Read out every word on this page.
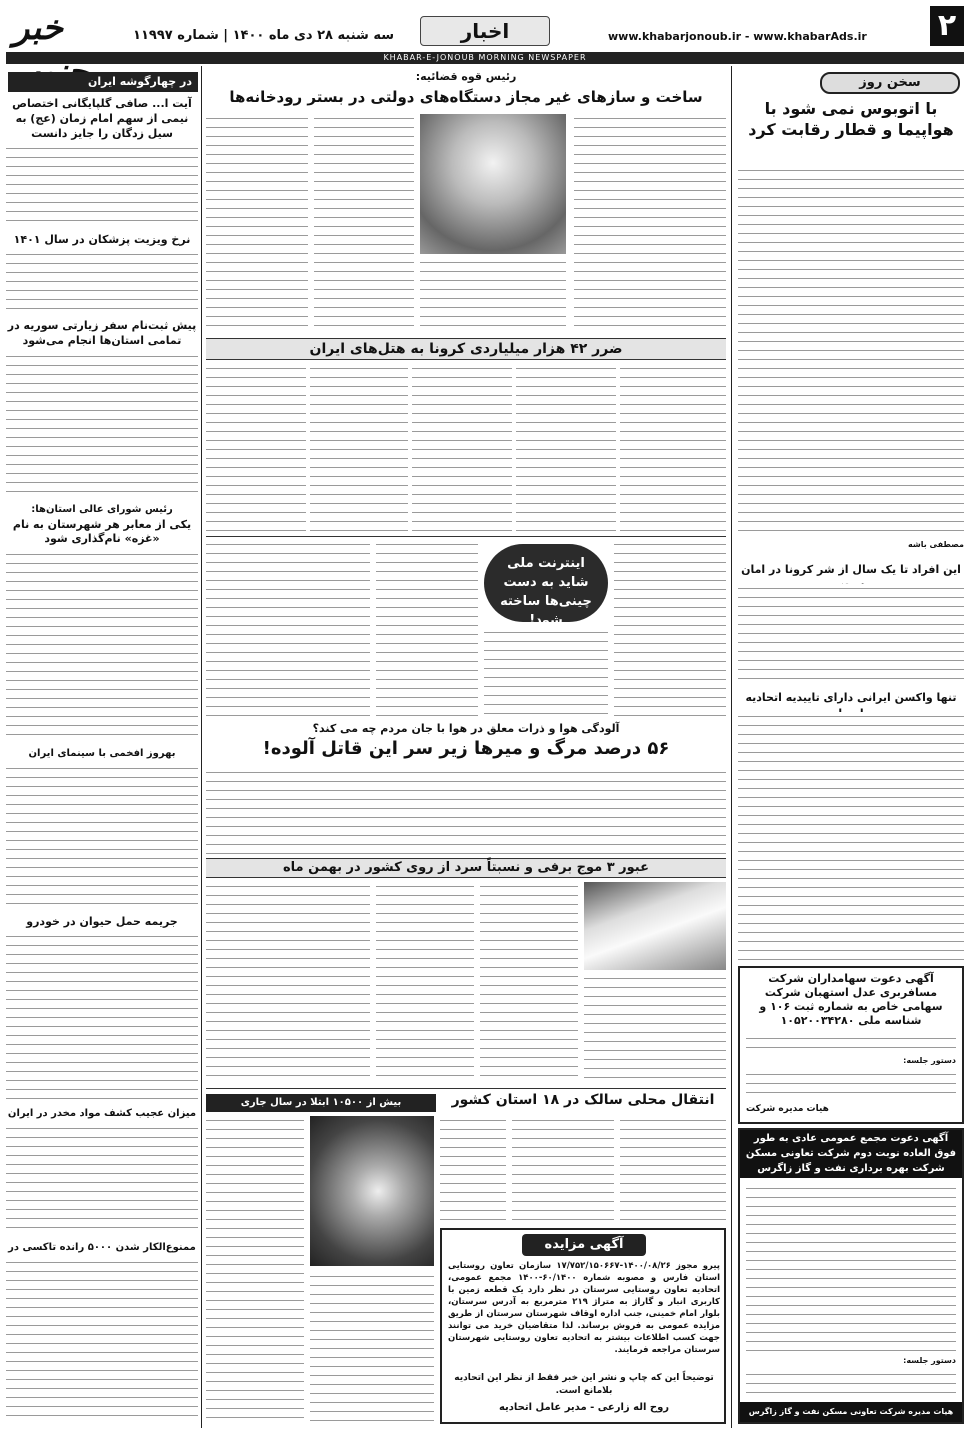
۲
www.khabarjonoub.ir - www.khabarAds.ir
اخبار
سه شنبه ۲۸ دی ماه ۱۴۰۰ | شماره ۱۱۹۹۷
خبر
KHABAR-E-JONOUB MORNING NEWSPAPER
سخن روز
با اتوبوس نمی شود با هواپیما و قطار رقابت کرد
مصطفی باشه
این افراد تا یک سال از شر کرونا در امان
تنها واکسن ایرانی دارای تاییدیه اتحادیه
آگهی دعوت سهامداران شرکت مسافربری عدل استهبان شرکت سهامی خاص به شماره ثبت ۱۰۶ و شناسه ملی ۱۰۵۲۰۰۳۴۲۸۰
دستور جلسه:
هیات مدیره شرکت
آگهی دعوت مجمع عمومی عادی به طور فوق العاده نوبت دوم شرکت تعاونی مسکن شرکت بهره برداری نفت و گاز زاگرس
دستور جلسه:
هیات مدیره شرکت تعاونی مسکن نفت و گاز زاگرس جنوبی
رئیس قوه قضائیه:
ساخت و سازهای غیر مجاز دستگاه‌های دولتی در بستر رودخانه‌ها
ضرر ۴۲ هزار میلیاردی کرونا به هتل‌های ایران
اینترنت ملی شاید به دست چینی‌ها ساخته شود!
آلودگی هوا و ذرات معلق در هوا با جان مردم چه می کند؟
۵۶ درصد مرگ و میرها زیر سر این قاتل آلوده!
عبور ۳ موج برفی و نسبتاً سرد از روی کشور در بهمن ماه
انتقال محلی سالک در ۱۸ استان کشور
بیش از ۱۰۵۰۰ ابتلا در سال جاری
آگهی مزایده
پیرو مجوز ۱۴۰۰/۰۸/۲۶-۱۷/۷۵۲/۱۵۰۶۶۷ سازمان تعاون روستایی استان فارس و مصوبه شماره ۶۰/۱۴۰۰-۱۴۰۰ مجمع عمومی، اتحادیه تعاون روستایی سرستان در نظر دارد یک قطعه زمین با کاربری انبار و گاراژ به متراژ ۲۱۹ مترمربع به آدرس سرستان، بلوار امام خمینی، جنب اداره اوقاف شهرستان سرستان از طریق مزایده عمومی به فروش برساند. لذا متقاضیان خرید می توانند جهت کسب اطلاعات بیشتر به اتحادیه تعاون روستایی شهرستان سرستان مراجعه فرمایند.
توضیحاً این که چاپ و نشر این خبر فقط از نظر این اتحادیه بلامانع است.
روح اله زارعی - مدیر عامل اتحادیه
در چهارگوشه ایران
آیت ا... صافی گلپایگانی اختصاص نیمی از سهم امام زمان (عج) به سیل زدگان را جایز دانست
نرخ ویزیت پزشکان در سال ۱۴۰۱
پیش ثبت‌نام سفر زیارتی سوریه در تمامی استان‌ها انجام می‌شود
رئیس شورای عالی استان‌ها:
یکی از معابر هر شهرستان به نام «غزه» نام‌گذاری شود
بهروز افخمی با سینمای ایران
جریمه حمل حیوان در خودرو
میزان عجیب کشف مواد مخدر در ایران
ممنوع‌الکار شدن ۵۰۰۰ رانده تاکسی در
